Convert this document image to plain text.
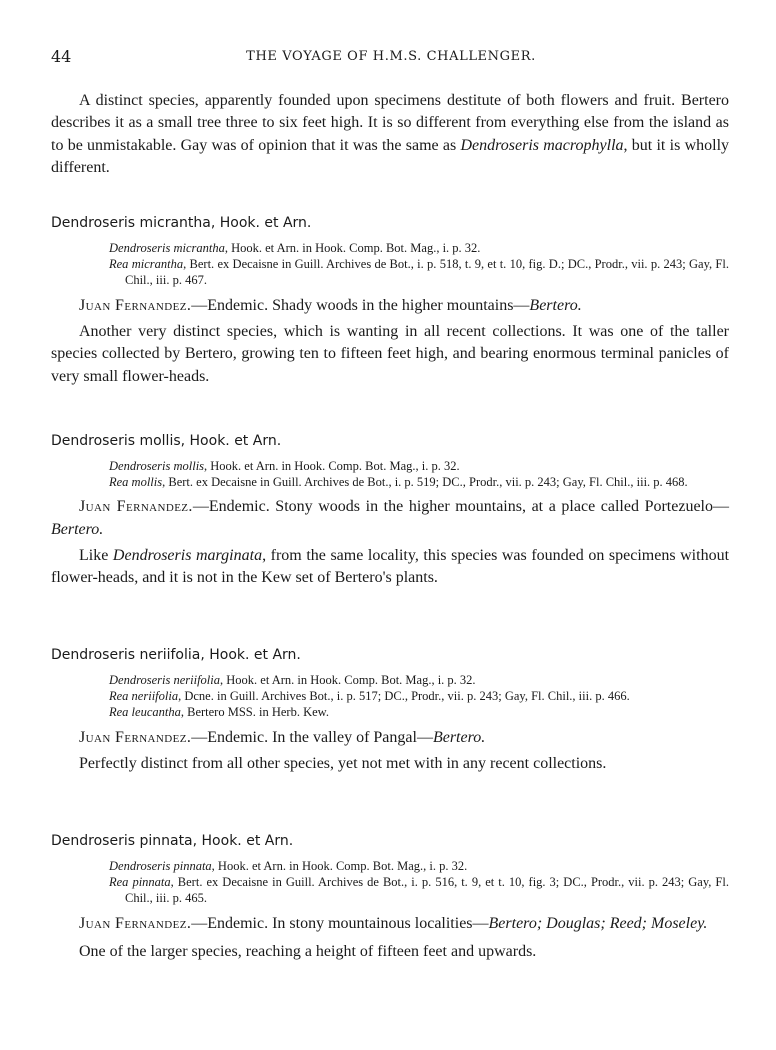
44	THE VOYAGE OF H.M.S. CHALLENGER.

A distinct species, apparently founded upon specimens destitute of both flowers and fruit. Bertero describes it as a small tree three to six feet high. It is so different from everything else from the island as to be unmistakable. Gay was of opinion that it was the same as Dendroseris macrophylla, but it is wholly different.

Dendroseris micrantha, Hook. et Arn.

Dendroseris micrantha, Hook. et Arn. in Hook. Comp. Bot. Mag., i. p. 32.

Rea micrantha, Bert. ex Decaisne in Guill. Archives de Bot., i. p. 518, t. 9, et t. 10, fig. D.; DC., Prodr., vii. p. 243; Gay, Fl. Chil., iii. p. 467.

Juan Fernandez.—Endemic. Shady woods in the higher mountains—Bertero.

Another very distinct species, which is wanting in all recent collections. It was one of the taller species collected by Bertero, growing ten to fifteen feet high, and bearing enormous terminal panicles of very small flower-heads.

Dendroseris mollis, Hook. et Arn.

Dendroseris mollis, Hook. et Arn. in Hook. Comp. Bot. Mag., i. p. 32.

Rea mollis, Bert. ex Decaisne in Guill. Archives de Bot., i. p. 519; DC., Prodr., vii. p. 243; Gay, Fl. Chil., iii. p. 468.

Juan Fernandez.—Endemic. Stony woods in the higher mountains, at a place called Portezuelo—Bertero.

Like Dendroseris marginata, from the same locality, this species was founded on specimens without flower-heads, and it is not in the Kew set of Bertero's plants.

Dendroseris neriifolia, Hook. et Arn.

Dendroseris neriifolia, Hook. et Arn. in Hook. Comp. Bot. Mag., i. p. 32.

Rea neriifolia, Dcne. in Guill. Archives Bot., i. p. 517; DC., Prodr., vii. p. 243; Gay, Fl. Chil., iii. p. 466.

Rea leucantha, Bertero MSS. in Herb. Kew.

Juan Fernandez.—Endemic. In the valley of Pangal—Bertero.

Perfectly distinct from all other species, yet not met with in any recent collections.

Dendroseris pinnata, Hook. et Arn.

Dendroseris pinnata, Hook. et Arn. in Hook. Comp. Bot. Mag., i. p. 32.

Rea pinnata, Bert. ex Decaisne in Guill. Archives de Bot., i. p. 516, t. 9, et t. 10, fig. 3; DC., Prodr., vii. p. 243; Gay, Fl. Chil., iii. p. 465.

Juan Fernandez.—Endemic. In stony mountainous localities—Bertero; Douglas; Reed; Moseley.

One of the larger species, reaching a height of fifteen feet and upwards.
